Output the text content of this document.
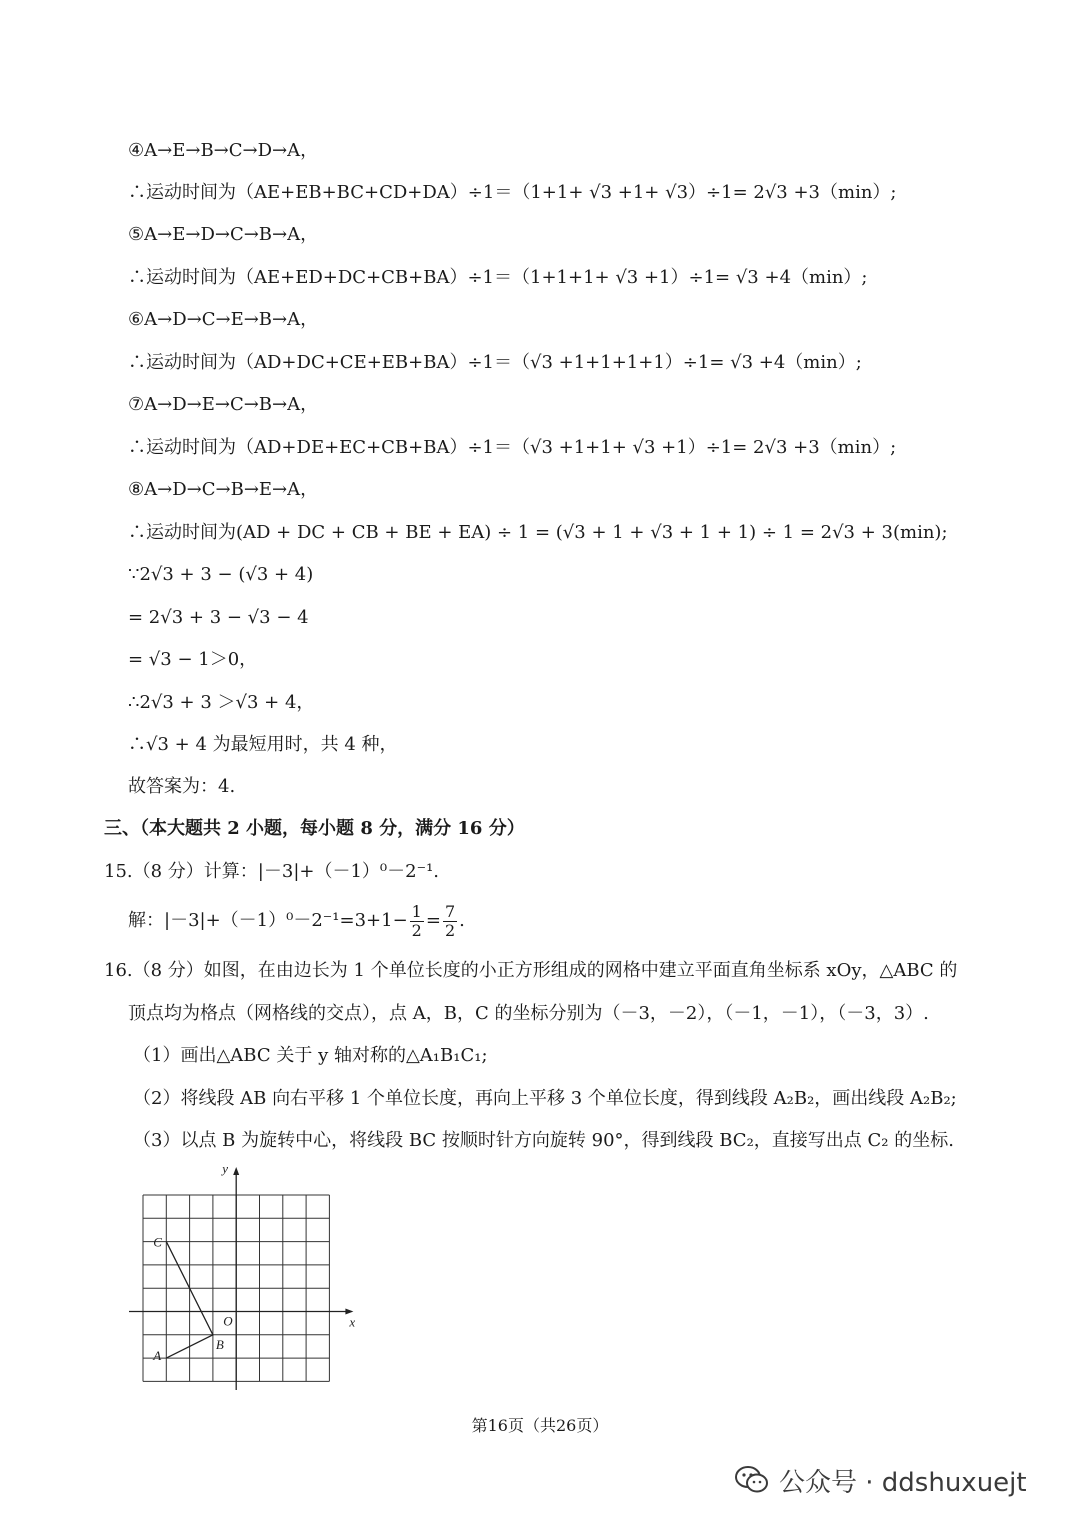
④A→E→B→C→D→A，
∴运动时间为（AE+EB+BC+CD+DA）÷1＝（1+1+ √3 +1+ √3）÷1= 2√3 +3（min）;
⑤A→E→D→C→B→A，
∴运动时间为（AE+ED+DC+CB+BA）÷1＝（1+1+1+ √3 +1）÷1= √3 +4（min）;
⑥A→D→C→E→B→A，
∴运动时间为（AD+DC+CE+EB+BA）÷1＝（√3 +1+1+1+1）÷1= √3 +4（min）;
⑦A→D→E→C→B→A，
∴运动时间为（AD+DE+EC+CB+BA）÷1＝（√3 +1+1+ √3 +1）÷1= 2√3 +3（min）;
⑧A→D→C→B→E→A，
∴运动时间为(AD + DC + CB + BE + EA) ÷ 1 = (√3 + 1 + √3 + 1 + 1) ÷ 1 = 2√3 + 3(min);
∵2√3 + 3 − (√3 + 4)
= 2√3 + 3 − √3 − 4
= √3 − 1＞0，
∴2√3 + 3 ＞√3 + 4，
∴√3 + 4 为最短用时，共 4 种，
故答案为：4.
三、（本大题共 2 小题，每小题 8 分，满分 16 分）
15.（8 分）计算：|－3|+（－1）⁰－2⁻¹.
解：$|-3|+(-1)^0-2^{-1}=3+1- \frac{1}{2} = \frac{7}{2}$ .
16.（8 分）如图，在由边长为 1 个单位长度的小正方形组成的网格中建立平面直角坐标系 xOy，△ABC 的
顶点均为格点（网格线的交点），点 A，B，C 的坐标分别为（－3，－2），（－1，－1），（－3，3）.
（1）画出△ABC 关于 y 轴对称的△A₁B₁C₁;
（2）将线段 AB 向右平移 1 个单位长度，再向上平移 3 个单位长度，得到线段 A₂B₂，画出线段 A₂B₂;
（3）以点 B 为旋转中心，将线段 BC 按顺时针方向旋转 90°，得到线段 BC₂，直接写出点 C₂ 的坐标.
C
B
A
O	x
y
第16页（共26页）
公众号 · ddshuxuejt
